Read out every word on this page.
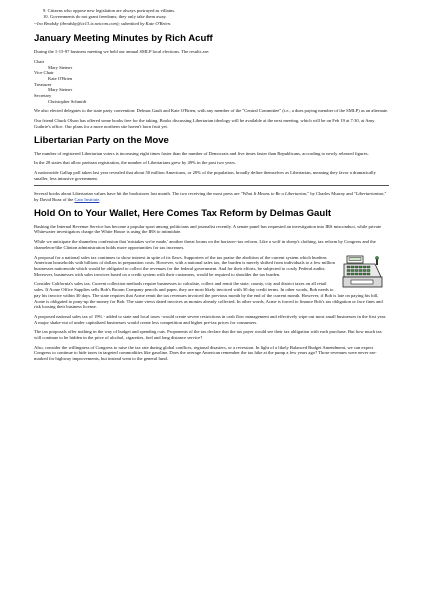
9. Citizens who oppose new legislation are always portrayed as villains.
10. Governments do not grant freedoms; they only take them away.

--Ira Brodsky (ibrodsky@ix13.ix.netcom.com); submitted by Kate O'Brien.

January Meeting Minutes by Rich Acuff

During the 1-15-97 business meeting we held our annual SMLP local elections. The results are:

Chair
Mary Steiner
Vice Chair
Kate O'Brien
Treasurer
Mary Steiner
Secretary
Christopher Schmidt

We also elected delegates to the state party convention: Delmas Gault and Kate O'Brien, with any member of the "Central Committee" (i.e., a dues paying member of the SMLP) as an alternate.

Our friend Chuck Olson has offered some books free for the taking. Books discussing Libertarian ideology will be available at the next meeting, which will be on Feb 19 at 7:30, at Amy Guthrie's office. Our plans for a more northern site haven't born fruit yet.

Libertarian Party on the Move

The number of registered Libertarian voters is increasing eight times faster than the number of Democrats and five times faster than Republicans, according to newly released figures.

In the 28 states that allow partisan registration, the number of Libertarians grew by 49% in the past two years.

A nationwide Gallup poll taken last year revealed that about 50 million Americans, or 20% of the population, broadly define themselves as Libertarian, meaning they favor a dramatically smaller, less intrusive government.

Several books about Libertarian values have hit the bookstores last month. The two receiving the most press are "What It Means to Be a Libertarian," by Charles Murray and "Libertarianism," by David Boaz of the Cato Institute.

Hold On to Your Wallet, Here Comes Tax Reform by Delmas Gault

Bashing the Internal Revenue Service has become a popular sport among politicians and journalist recently. A senate panel has requested an investigation into IRS misconduct, while private Whitewater investigators charge the White House is using the IRS to intimidate.

While we anticipate the shameless confession that 'mistakes we're made,' another threat looms on the horizon--tax reform. Like a wolf in sheep's clothing, tax reform by Congress and the chameleon-like Clinton administration holds more opportunities for tax increases.

A proposal for a national sales tax continues to show interest in spite of its flaws. Supporters of the tax praise the abolition of the current system which burdens American households with billions of dollars in preparation costs. However, with a national sales tax, the burden is merely shifted from individuals to a few million businesses nationwide which would be obligated to collect the revenues for the federal government. And for their efforts, be subjected to costly Federal audits. Moreover, businesses with sales invoices based on a credit system with their customers, would be required to shoulder the tax burden.

Consider California's sales tax. Current collection methods require businesses to calculate, collect and remit the state, county, city and district taxes on all retail sales. If Acme Office Supplies sells Bob's Broom Company pencils and paper, they are most likely invoiced with 30 day credit terms. In other words, Bob needs to pay his invoice within 30 days. The state requires that Acme remit the tax revenues invoiced the previous month by the end of the current month. However, if Bob is late on paying his bill, Acme is obligated to pony-up the money for Bob. The state views dated invoices as monies already collected. In other words, Acme is forced to finance Bob's tax obligation or face fines and risk loosing their business license.

A proposed national sales tax of 19% - added to state and local taxes -would create severe restrictions in cash flow management and effectively wipe out most small businesses in the first year. A major shake-out of under capitalized businesses would create less competition and higher pre-tax prices for consumers.

The tax proposals offer nothing in the way of budget and spending cuts. Proponents of the tax declare that the tax payer would see their tax obligation with each purchase. But how much tax will continue to be hidden in the price of alcohol, cigarettes, fuel and long distance service?

Also, consider the willingness of Congress to raise the tax rate during global conflicts, regional disasters, or a recession. In light of a likely Balanced Budget Amendment, we can expect Congress to continue to hide taxes in targeted commodities like gasoline. Does the average American remember the tax hike at the pump a few years ago? Those revenues were never ear-marked for highway improvements, but instead went to the general fund.
